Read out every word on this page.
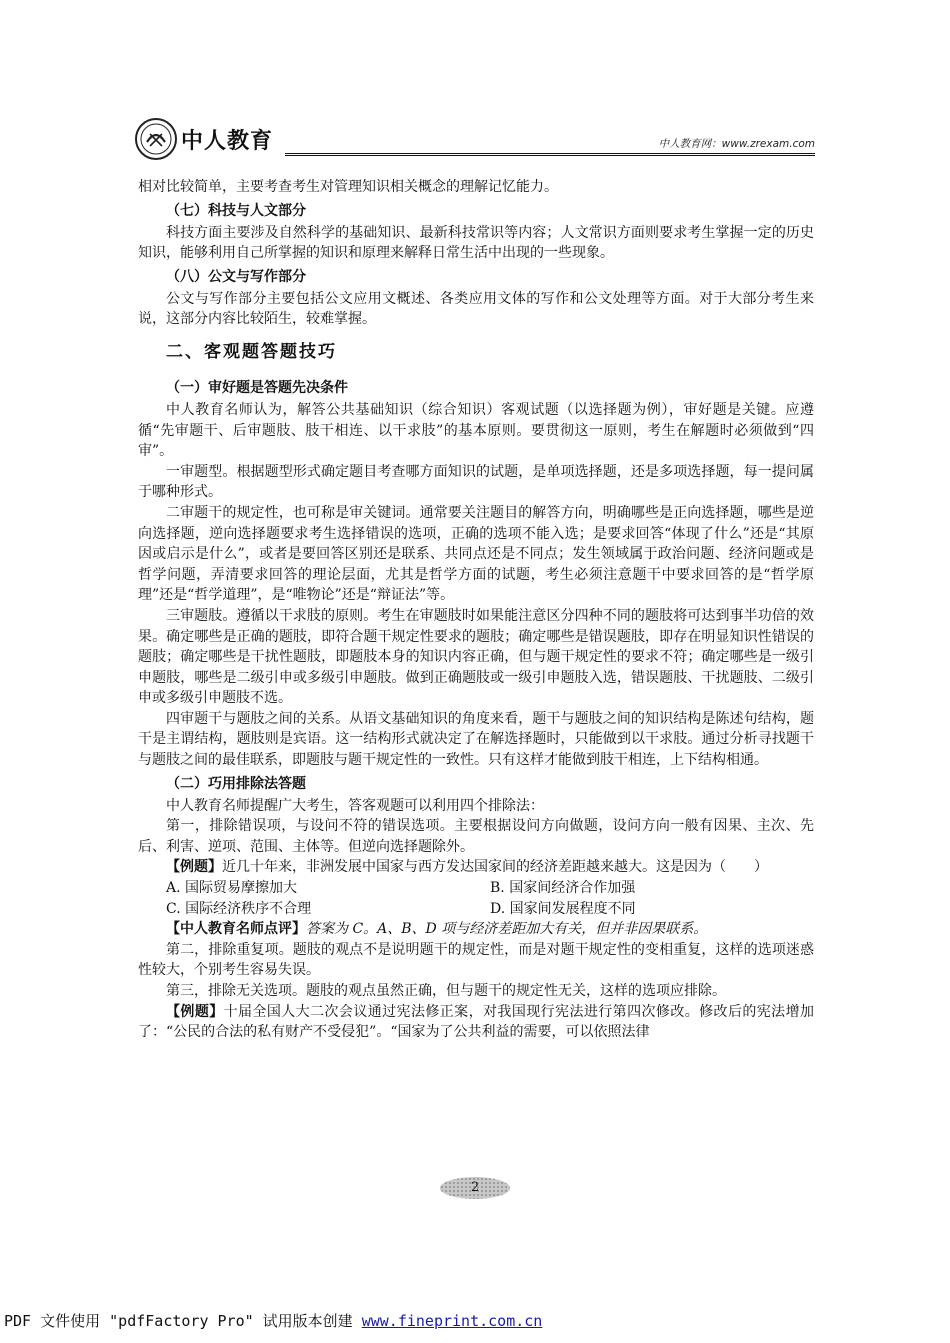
中人教育	中人教育网：www.zrexam.com

相对比较简单，主要考查考生对管理知识相关概念的理解记忆能力。

（七）科技与人文部分

科技方面主要涉及自然科学的基础知识、最新科技常识等内容；人文常识方面则要求考生掌握一定的历史知识，能够利用自己所掌握的知识和原理来解释日常生活中出现的一些现象。

（八）公文与写作部分

公文与写作部分主要包括公文应用文概述、各类应用文体的写作和公文处理等方面。对于大部分考生来说，这部分内容比较陌生，较难掌握。

二、客观题答题技巧
（一）审好题是答题先决条件

中人教育名师认为，解答公共基础知识（综合知识）客观试题（以选择题为例），审好题是关键。应遵循“先审题干、后审题肢、肢干相连、以干求肢”的基本原则。要贯彻这一原则，考生在解题时必须做到“四审”。

一审题型。根据题型形式确定题目考查哪方面知识的试题，是单项选择题，还是多项选择题，每一提问属于哪种形式。

二审题干的规定性，也可称是审关键词。通常要关注题目的解答方向，明确哪些是正向选择题，哪些是逆向选择题，逆向选择题要求考生选择错误的选项，正确的选项不能入选；是要求回答“体现了什么”还是“其原因或启示是什么”，或者是要回答区别还是联系、共同点还是不同点；发生领域属于政治问题、经济问题或是哲学问题，弄清要求回答的理论层面，尤其是哲学方面的试题，考生必须注意题干中要求回答的是“哲学原理”还是“哲学道理”，是“唯物论”还是“辩证法”等。

三审题肢。遵循以干求肢的原则。考生在审题肢时如果能注意区分四种不同的题肢将可达到事半功倍的效果。确定哪些是正确的题肢，即符合题干规定性要求的题肢；确定哪些是错误题肢，即存在明显知识性错误的题肢；确定哪些是干扰性题肢，即题肢本身的知识内容正确，但与题干规定性的要求不符；确定哪些是一级引申题肢，哪些是二级引申或多级引申题肢。做到正确题肢或一级引申题肢入选，错误题肢、干扰题肢、二级引申或多级引申题肢不选。

四审题干与题肢之间的关系。从语文基础知识的角度来看，题干与题肢之间的知识结构是陈述句结构，题干是主谓结构，题肢则是宾语。这一结构形式就决定了在解选择题时，只能做到以干求肢。通过分析寻找题干与题肢之间的最佳联系，即题肢与题干规定性的一致性。只有这样才能做到肢干相连，上下结构相通。

（二）巧用排除法答题

中人教育名师提醒广大考生，答客观题可以利用四个排除法：

第一，排除错误项，与设问不符的错误选项。主要根据设问方向做题，设问方向一般有因果、主次、先后、利害、逆项、范围、主体等。但逆向选择题除外。

【例题】近几十年来，非洲发展中国家与西方发达国家间的经济差距越来越大。这是因为（　　）

A. 国际贸易摩擦加大	B. 国家间经济合作加强
C. 国际经济秩序不合理	D. 国家间发展程度不同

【中人教育名师点评】答案为 C。A、B、D 项与经济差距加大有关，但并非因果联系。

第二，排除重复项。题肢的观点不是说明题干的规定性，而是对题干规定性的变相重复，这样的选项迷惑性较大，个别考生容易失误。

第三，排除无关选项。题肢的观点虽然正确，但与题干的规定性无关，这样的选项应排除。

【例题】十届全国人大二次会议通过宪法修正案，对我国现行宪法进行第四次修改。修改后的宪法增加了：“公民的合法的私有财产不受侵犯”。“国家为了公共利益的需要，可以依照法律

2
PDF 文件使用 "pdfFactory Pro" 试用版本创建 www.fineprint.com.cn
